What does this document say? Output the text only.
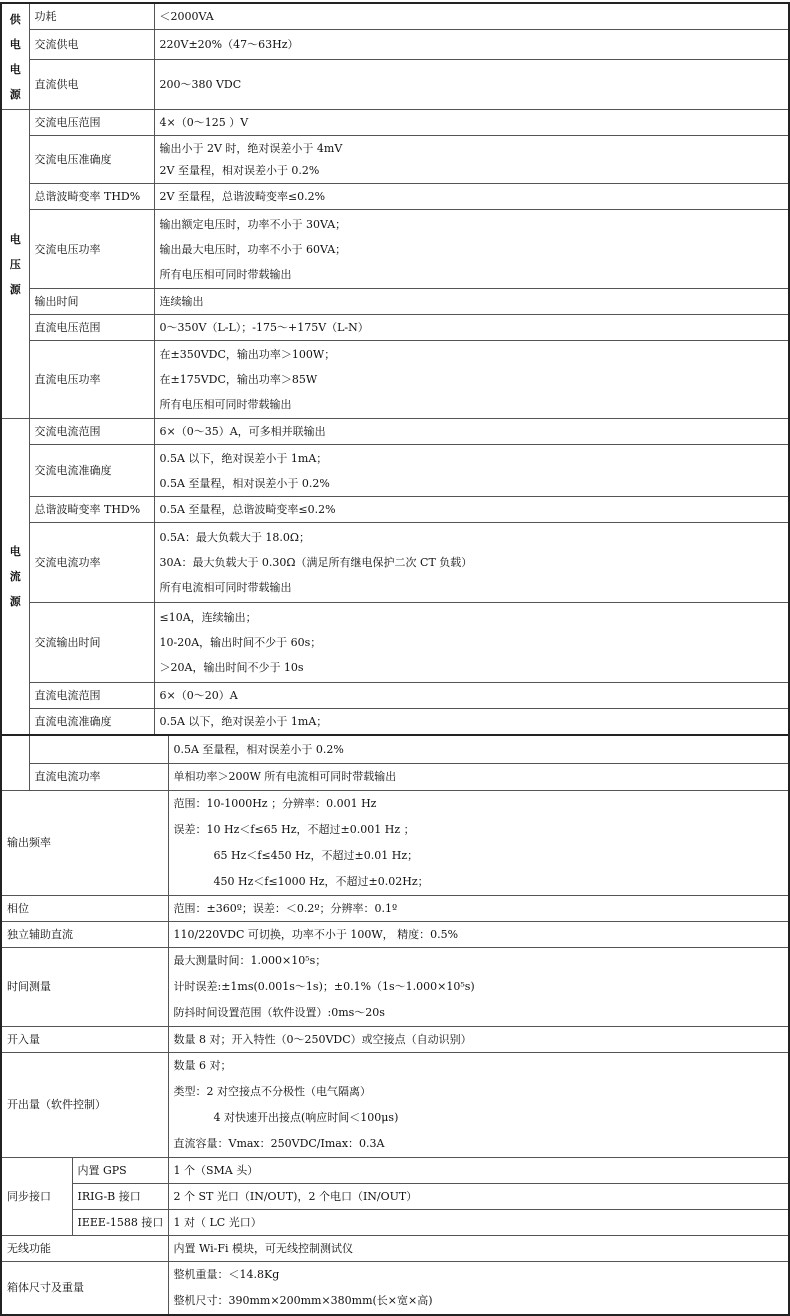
供
电
电
源	功耗	＜2000VA
	交流供电	220V±20%（47～63Hz）
	直流供电	200～380 VDC

电
压
源	交流电压范围	4×（0～125 ）V
	交流电压准确度	输出小于 2V 时，绝对误差小于 4mV
2V 至量程，相对误差小于 0.2%

	总谐波畸变率 THD%	2V 至量程，总谐波畸变率≤0.2%
	交流电压功率	输出额定电压时，功率不小于 30VA；
输出最大电压时，功率不小于 60VA；
所有电压相可同时带载输出

	输出时间	连续输出
	直流电压范围	0～350V（L-L）；-175～+175V（L-N）
	直流电压功率	在±350VDC，输出功率＞100W；
在±175VDC，输出功率＞85W
所有电压相可同时带载输出

电
流
源	交流电流范围	6×（0～35）A，可多相并联输出
	交流电流准确度	0.5A 以下，绝对误差小于 1mA；
0.5A 至量程，相对误差小于 0.2%

	总谐波畸变率 THD%	0.5A 至量程，总谐波畸变率≤0.2%
	交流电流功率	0.5A：最大负载大于 18.0Ω；
30A：最大负载大于 0.30Ω（满足所有继电保护二次 CT 负载）
所有电流相可同时带载输出

	交流输出时间	≤10A，连续输出；
10-20A，输出时间不少于 60s；
＞20A，输出时间不少于 10s

	直流电流范围	6×（0～20）A
	直流电流准确度	0.5A 以下，绝对误差小于 1mA；
			0.5A 至量程，相对误差小于 0.2%
	直流电流功率		单相功率＞200W 所有电流相可同时带载输出
输出频率			范围：10-1000Hz ；分辨率：0.001 Hz
误差：10 Hz＜f≤65 Hz，不超过±0.001 Hz ；
65 Hz＜f≤450 Hz，不超过±0.01 Hz；
450 Hz＜f≤1000 Hz，不超过±0.02Hz；

相位			范围：±360º；误差：＜0.2º；分辨率：0.1º
独立辅助直流			110/220VDC 可切换，功率不小于 100W， 精度：0.5%
时间测量			最大测量时间：1.000×10⁵s；
计时误差:±1ms(0.001s～1s)；±0.1%（1s～1.000×10⁵s)
防抖时间设置范围（软件设置）:0ms～20s

开入量			数量 8 对；开入特性（0～250VDC）或空接点（自动识别）
开出量（软件控制）			数量 6 对；
类型：2 对空接点不分极性（电气隔离）
4 对快速开出接点(响应时间＜100μs)
直流容量：Vmax：250VDC/Imax：0.3A

同步接口		内置 GPS	1 个（SMA 头）
		IRIG-B 接口	2 个 ST 光口（IN/OUT)，2 个电口（IN/OUT）
		IEEE-1588 接口	1 对（ LC 光口）
无线功能			内置 Wi-Fi 模块，可无线控制测试仪
箱体尺寸及重量			整机重量：＜14.8Kg
整机尺寸：390mm×200mm×380mm(长×宽×高)
